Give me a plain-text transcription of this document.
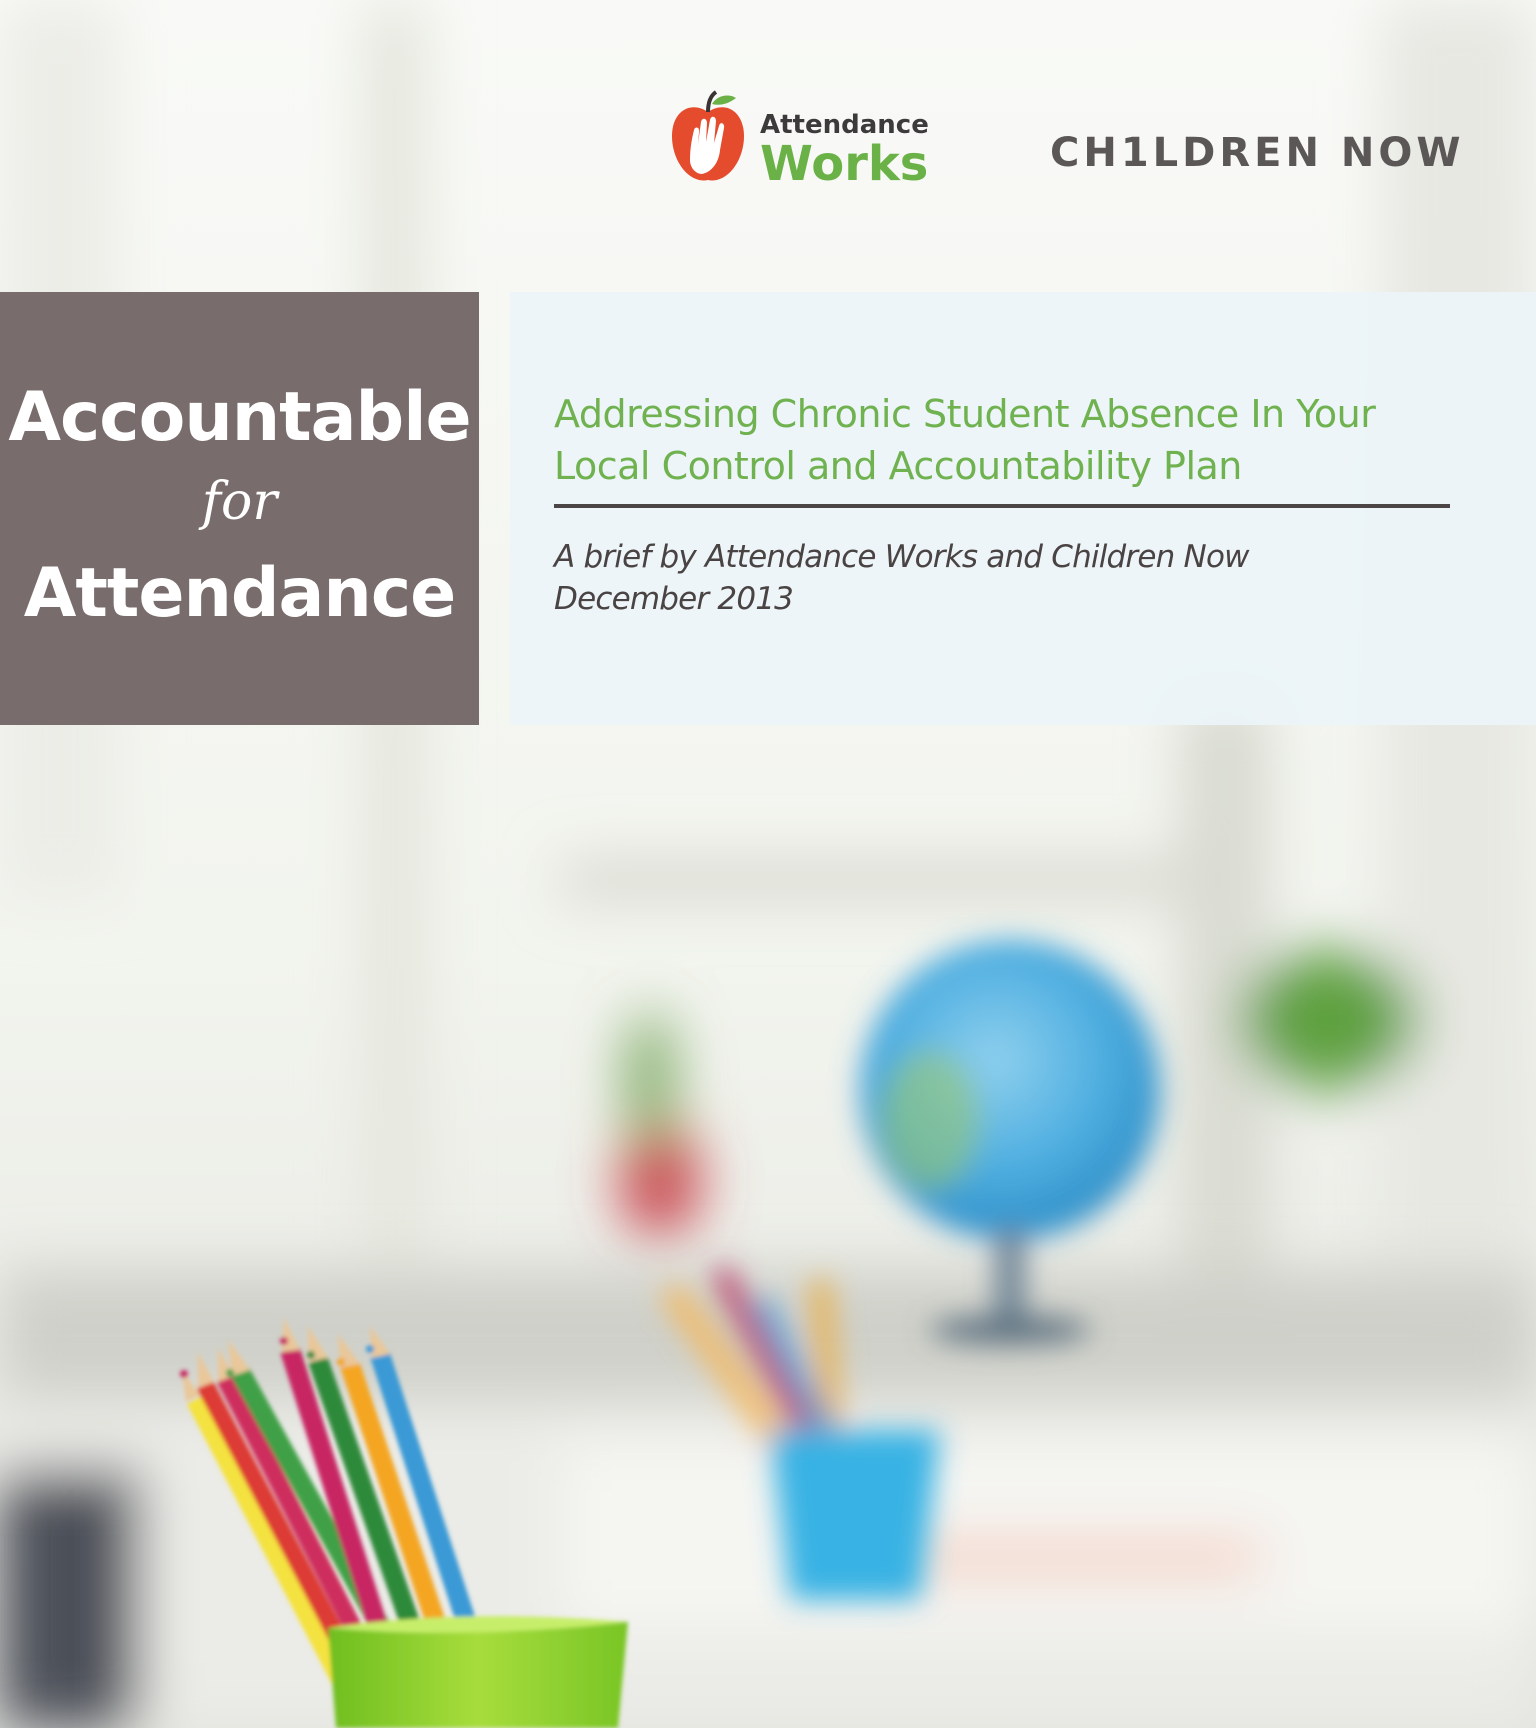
Attendance
Works	CH1LDREN NOW
Accountable
for
Attendance
Addressing Chronic Student Absence In Your Local Control and Accountability Plan
A brief by Attendance Works and Children Now
December 2013
